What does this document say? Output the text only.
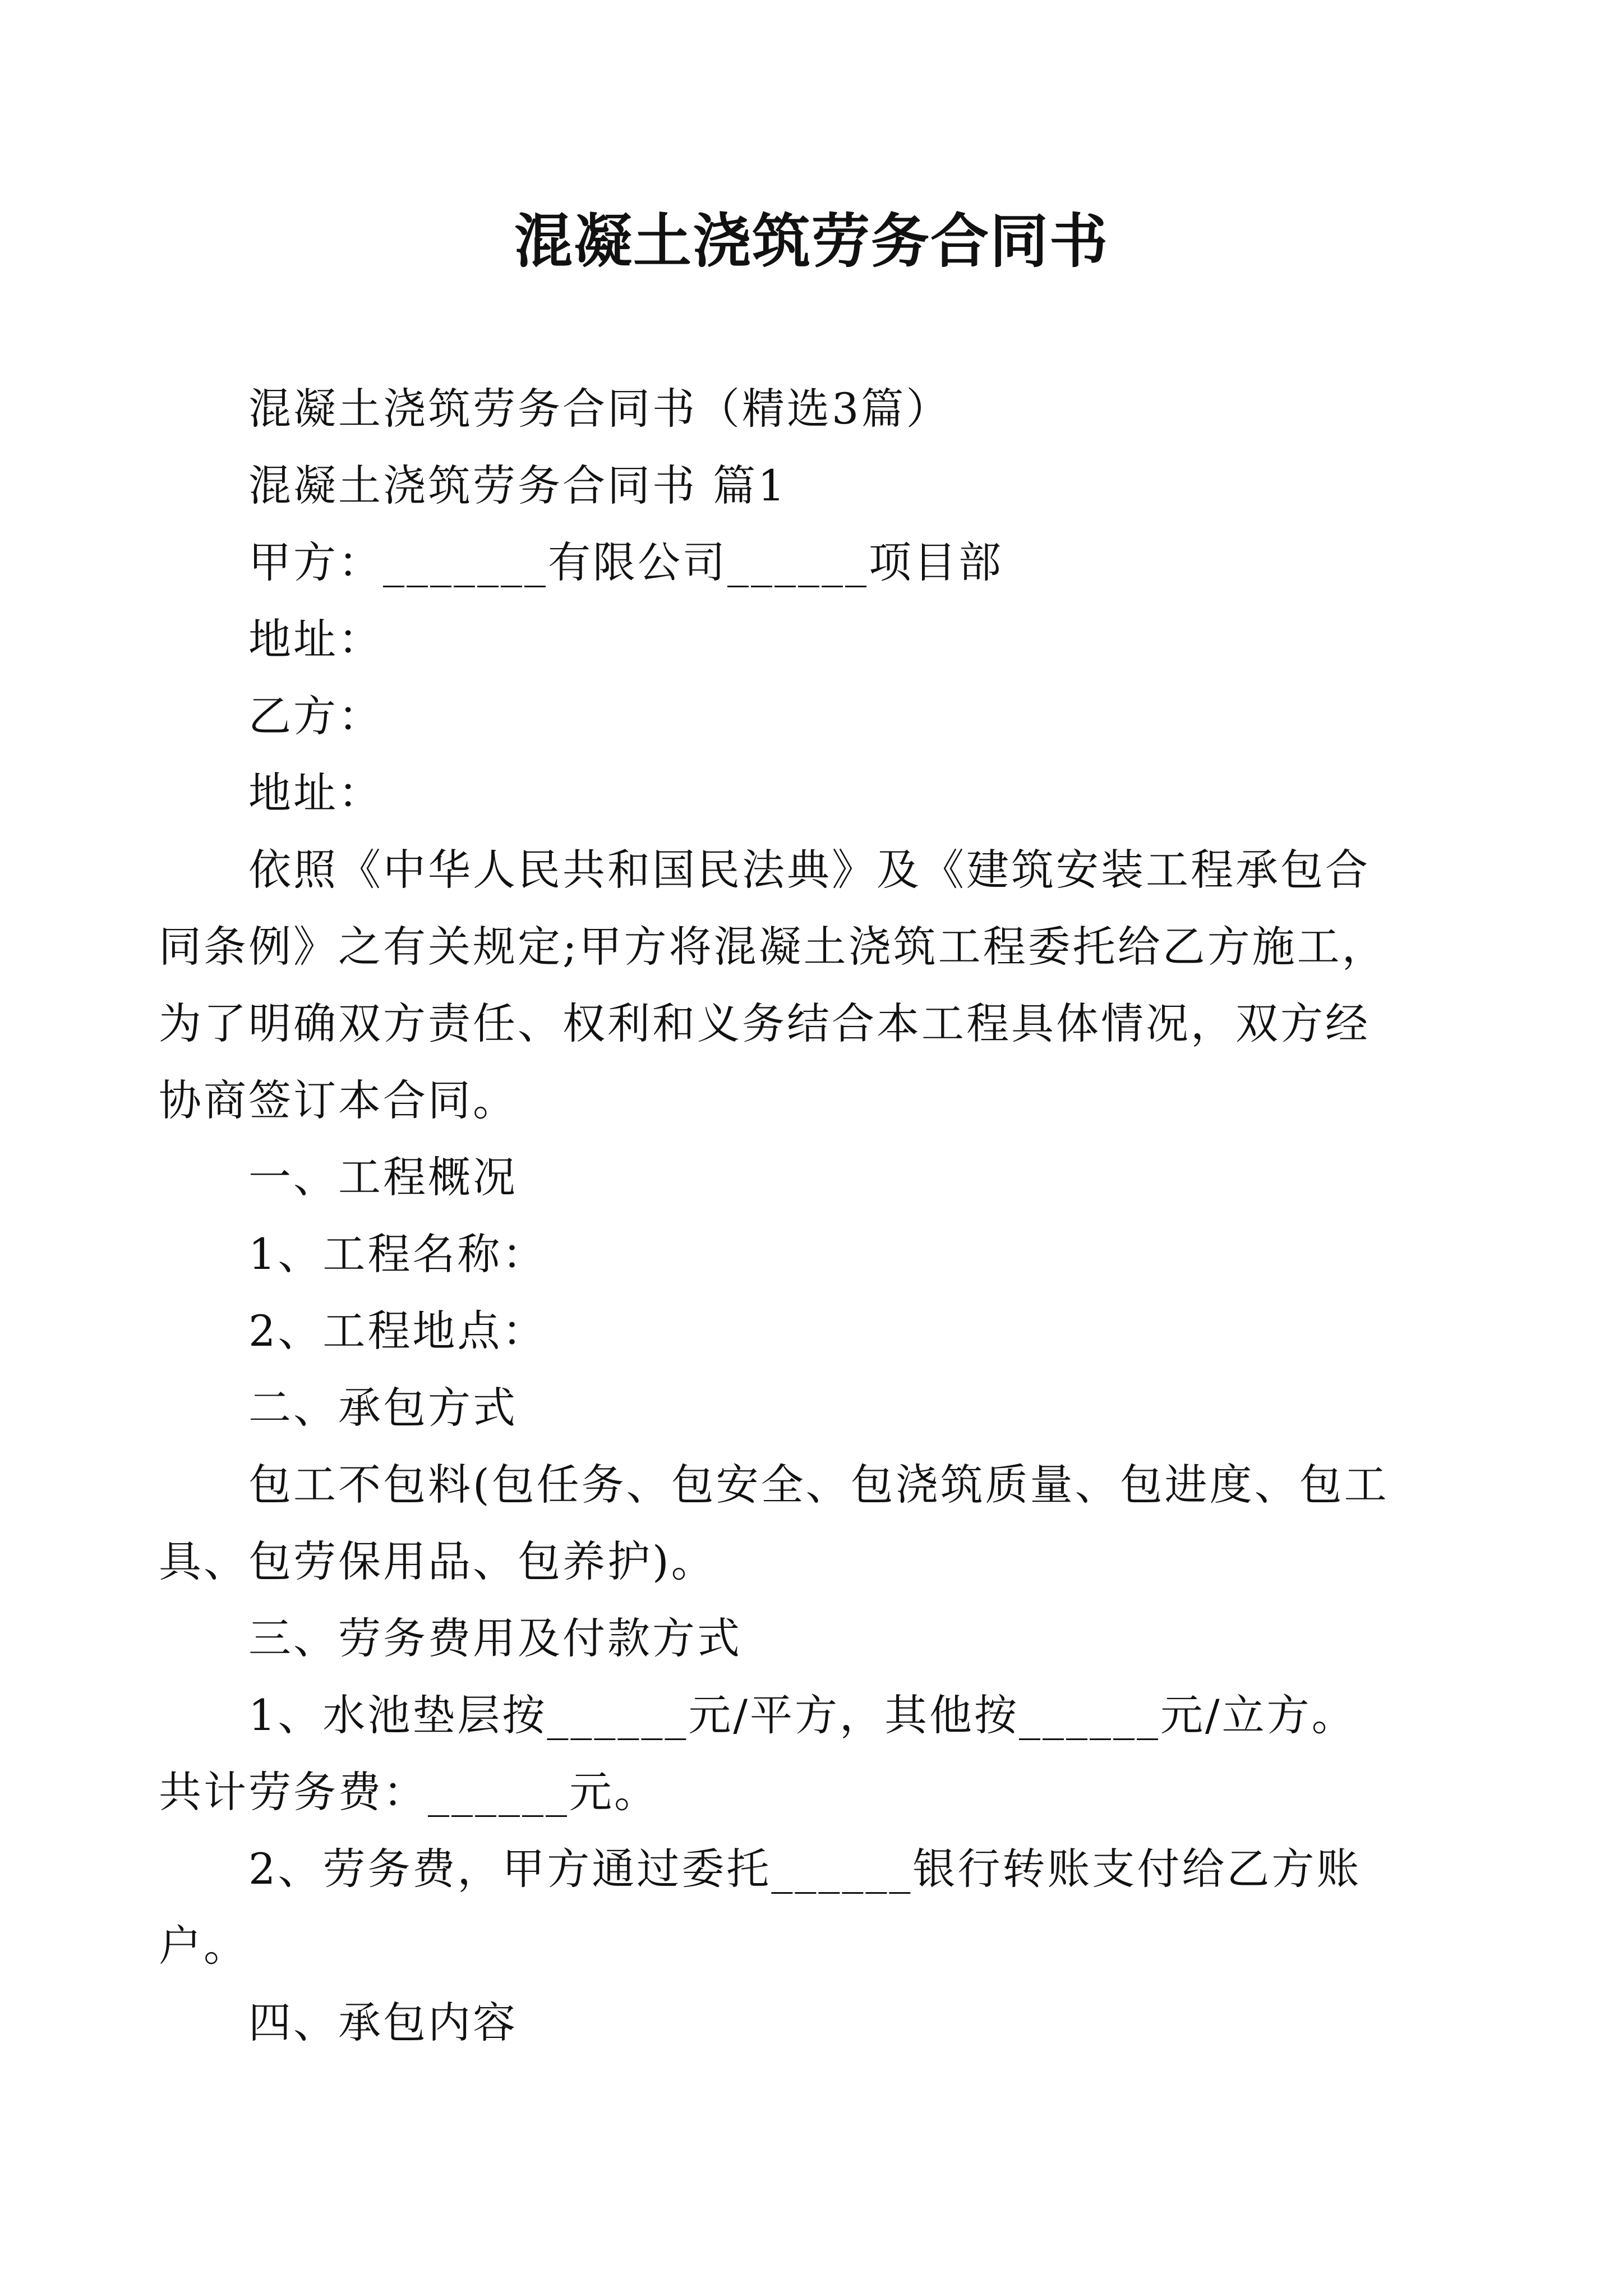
混凝土浇筑劳务合同书

混凝土浇筑劳务合同书（精选3篇）

混凝土浇筑劳务合同书 篇1

甲方：_______有限公司______项目部

地址：

乙方：

地址：

依照《中华人民共和国民法典》及《建筑安装工程承包合同条例》之有关规定;甲方将混凝土浇筑工程委托给乙方施工，为了明确双方责任、权利和义务结合本工程具体情况，双方经协商签订本合同。

一、工程概况

1、工程名称：

2、工程地点：

二、承包方式

包工不包料(包任务、包安全、包浇筑质量、包进度、包工具、包劳保用品、包养护)。

三、劳务费用及付款方式

1、水池垫层按______元/平方，其他按______元/立方。共计劳务费：______元。

2、劳务费，甲方通过委托______银行转账支付给乙方账户。

四、承包内容
